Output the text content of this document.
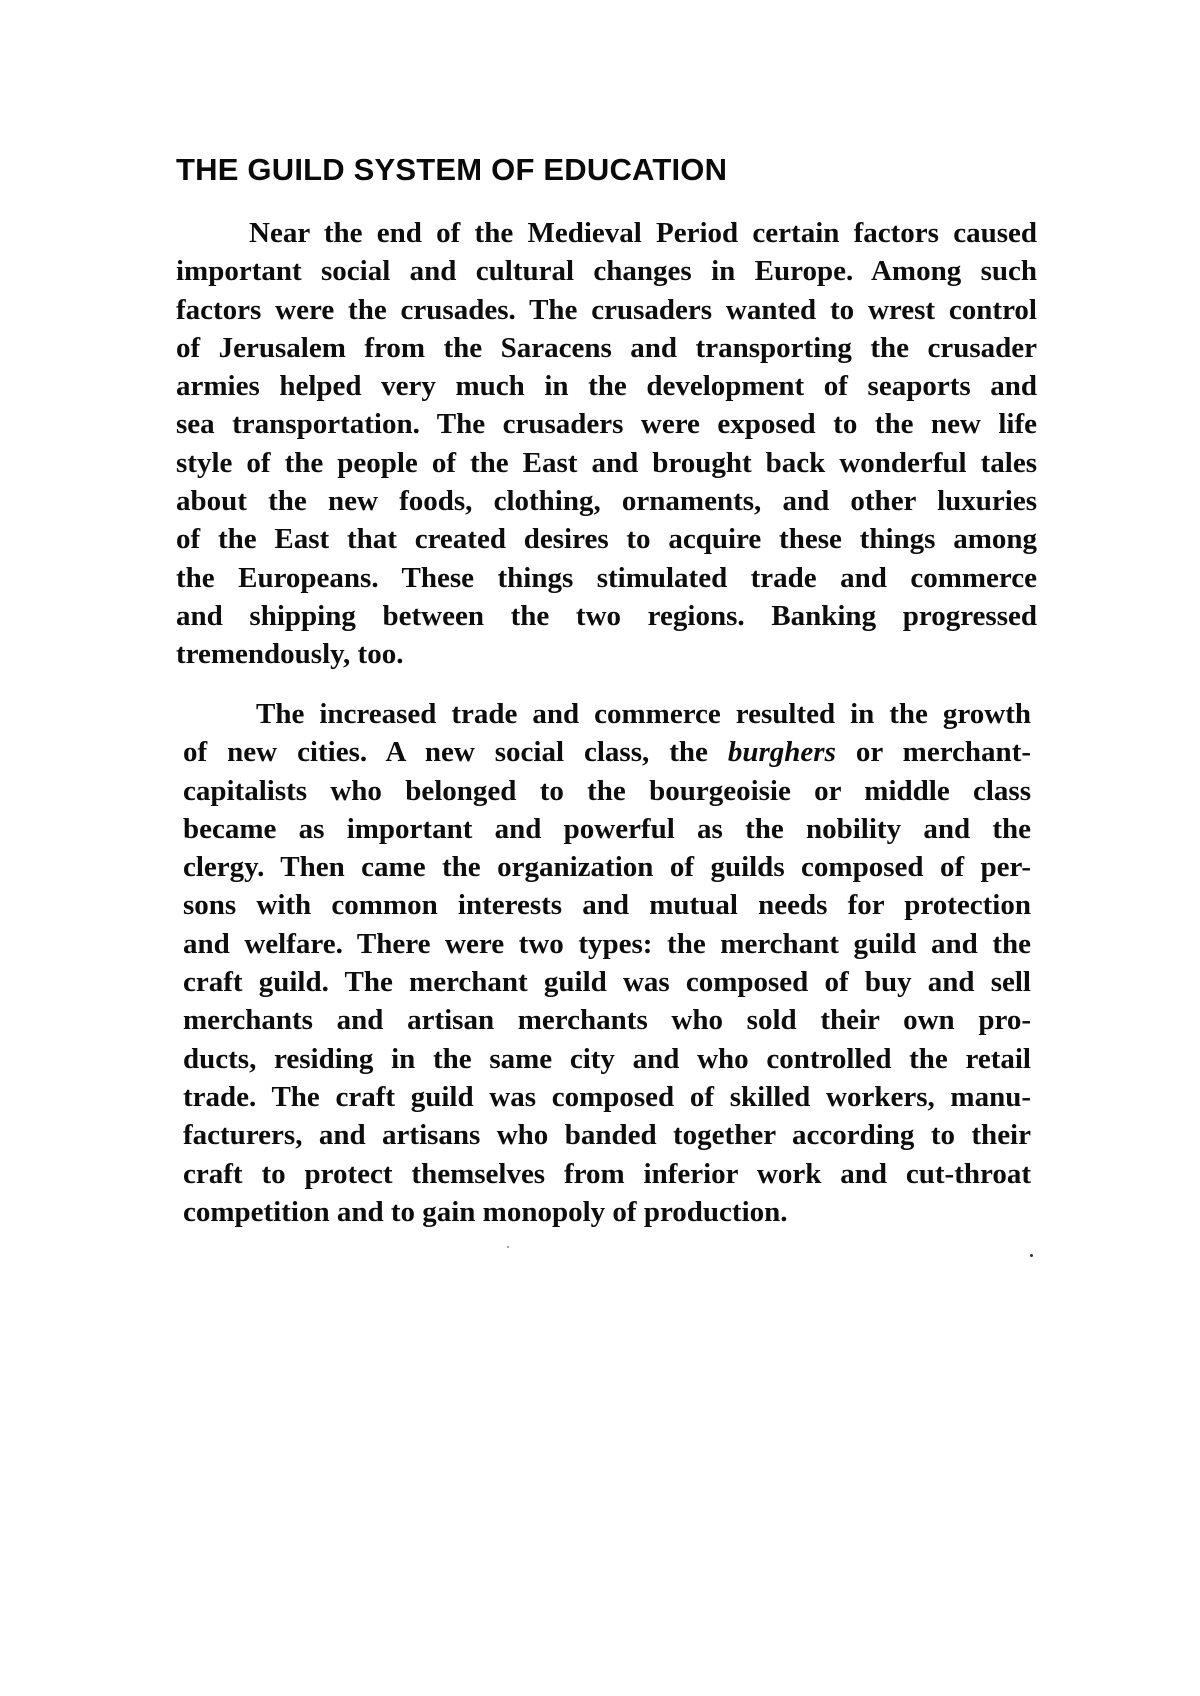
THE GUILD SYSTEM OF EDUCATION

Near the end of the Medieval Period certain factors caused
important social and cultural changes in Europe. Among such
factors were the crusades. The crusaders wanted to wrest control
of Jerusalem from the Saracens and transporting the crusader
armies helped very much in the development of seaports and
sea transportation. The crusaders were exposed to the new life
style of the people of the East and brought back wonderful tales
about the new foods, clothing, ornaments, and other luxuries
of the East that created desires to acquire these things among
the Europeans. These things stimulated trade and commerce
and shipping between the two regions. Banking progressed
tremendously, too.

The increased trade and commerce resulted in the growth
of new cities. A new social class, the burghers or merchant-
capitalists who belonged to the bourgeoisie or middle class
became as important and powerful as the nobility and the
clergy. Then came the organization of guilds composed of per-
sons with common interests and mutual needs for protection
and welfare. There were two types: the merchant guild and the
craft guild. The merchant guild was composed of buy and sell
merchants and artisan merchants who sold their own pro-
ducts, residing in the same city and who controlled the retail
trade. The craft guild was composed of skilled workers, manu-
facturers, and artisans who banded together according to their
craft to protect themselves from inferior work and cut-throat
competition and to gain monopoly of production.
